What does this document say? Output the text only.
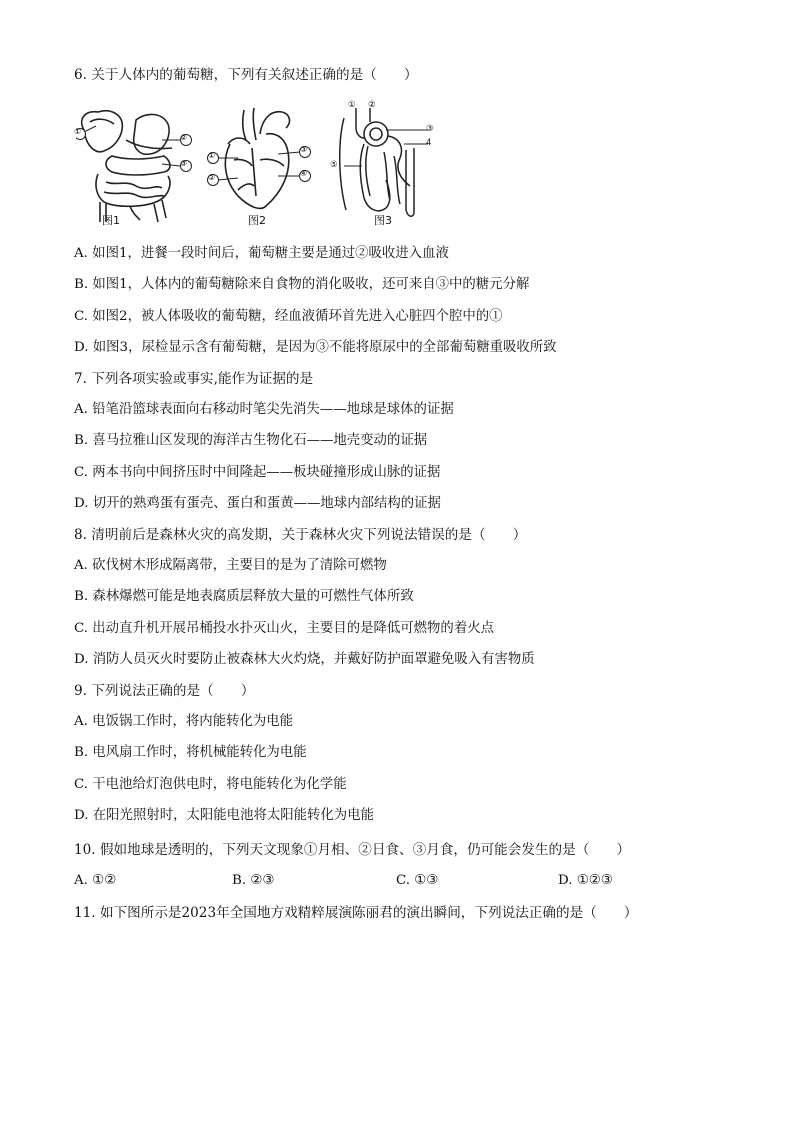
6. 关于人体内的葡萄糖，下列有关叙述正确的是（　　）
①
②
③
图1
①
②
③
④
图2
① ②
③
4
⑤
图3
A. 如图1，进餐一段时间后，葡萄糖主要是通过②吸收进入血液
B. 如图1，人体内的葡萄糖除来自食物的消化吸收，还可来自③中的糖元分解
C. 如图2，被人体吸收的葡萄糖，经血液循环首先进入心脏四个腔中的①
D. 如图3，尿检显示含有葡萄糖，是因为③不能将原尿中的全部葡萄糖重吸收所致
7. 下列各项实验或事实,能作为证据的是
A. 铅笔沿篮球表面向右移动时笔尖先消失——地球是球体的证据
B. 喜马拉雅山区发现的海洋古生物化石——地壳变动的证据
C. 两本书向中间挤压时中间隆起——板块碰撞形成山脉的证据
D. 切开的熟鸡蛋有蛋壳、蛋白和蛋黄——地球内部结构的证据
8. 清明前后是森林火灾的高发期，关于森林火灾下列说法错误的是（　　）
A. 砍伐树木形成隔离带，主要目的是为了清除可燃物
B. 森林爆燃可能是地表腐质层释放大量的可燃性气体所致
C. 出动直升机开展吊桶投水扑灭山火，主要目的是降低可燃物的着火点
D. 消防人员灭火时要防止被森林大火灼烧，并戴好防护面罩避免吸入有害物质
9. 下列说法正确的是（　　）
A. 电饭锅工作时，将内能转化为电能
B. 电风扇工作时，将机械能转化为电能
C. 干电池给灯泡供电时，将电能转化为化学能
D. 在阳光照射时，太阳能电池将太阳能转化为电能
10. 假如地球是透明的，下列天文现象①月相、②日食、③月食，仍可能会发生的是（　　）
A. ①②	B. ②③	C. ①③	D. ①②③
11. 如下图所示是2023年全国地方戏精粹展演陈丽君的演出瞬间，下列说法正确的是（　　）
